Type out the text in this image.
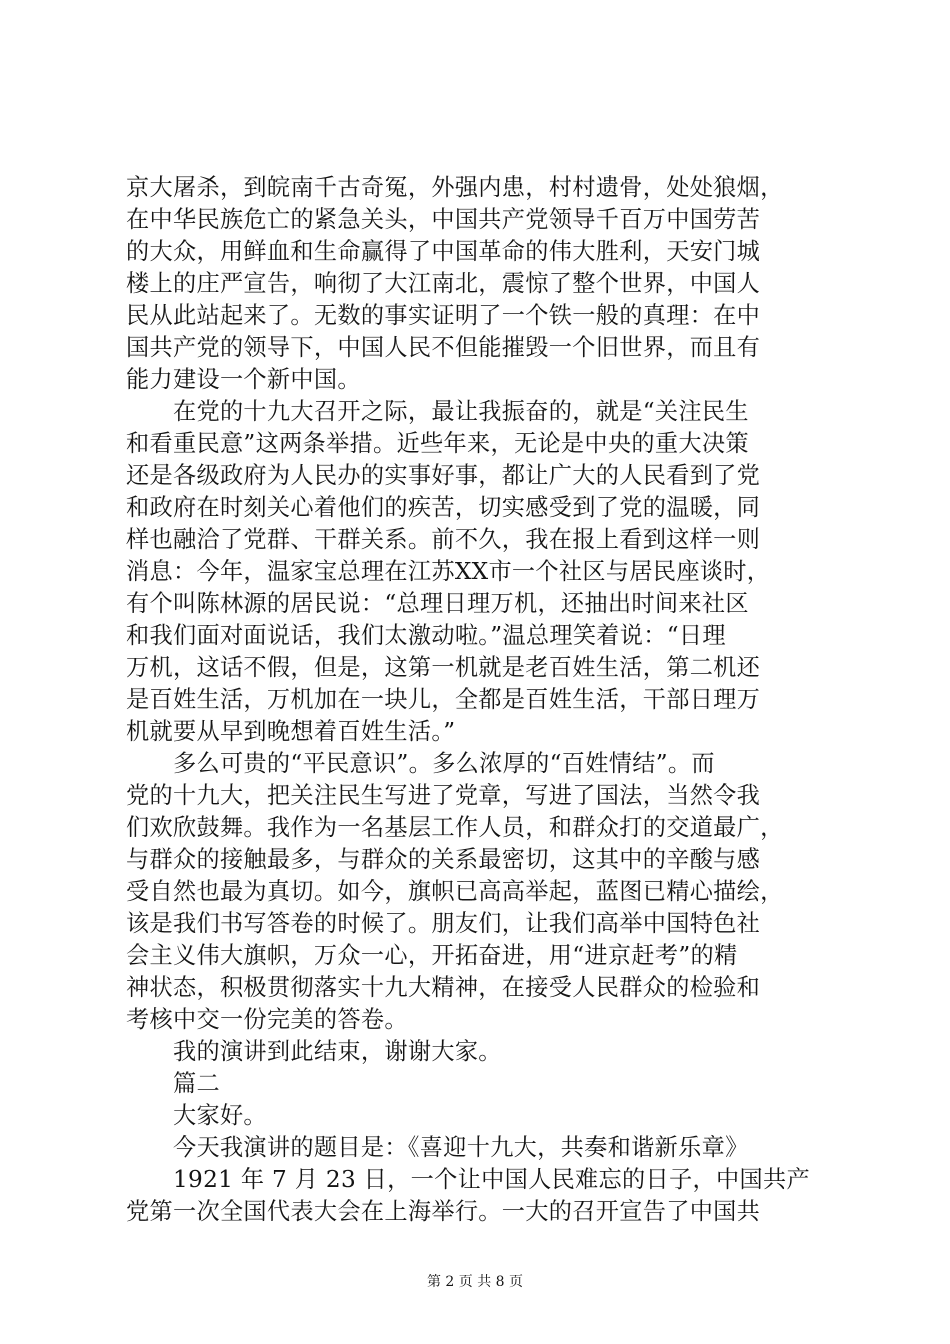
京大屠杀，到皖南千古奇冤，外强内患，村村遗骨，处处狼烟，
在中华民族危亡的紧急关头，中国共产党领导千百万中国劳苦
的大众，用鲜血和生命赢得了中国革命的伟大胜利，天安门城
楼上的庄严宣告，响彻了大江南北，震惊了整个世界，中国人
民从此站起来了。无数的事实证明了一个铁一般的真理：在中
国共产党的领导下，中国人民不但能摧毁一个旧世界，而且有
能力建设一个新中国。
　　在党的十九大召开之际，最让我振奋的，就是“关注民生
和看重民意”这两条举措。近些年来，无论是中央的重大决策
还是各级政府为人民办的实事好事，都让广大的人民看到了党
和政府在时刻关心着他们的疾苦，切实感受到了党的温暖，同
样也融洽了党群、干群关系。前不久，我在报上看到这样一则
消息：今年，温家宝总理在江苏XX市一个社区与居民座谈时，
有个叫陈林源的居民说：“总理日理万机，还抽出时间来社区
和我们面对面说话，我们太激动啦。”温总理笑着说：“日理
万机，这话不假，但是，这第一机就是老百姓生活，第二机还
是百姓生活，万机加在一块儿，全都是百姓生活，干部日理万
机就要从早到晚想着百姓生活。”
　　多么可贵的“平民意识”。多么浓厚的“百姓情结”。而
党的十九大，把关注民生写进了党章，写进了国法，当然令我
们欢欣鼓舞。我作为一名基层工作人员，和群众打的交道最广，
与群众的接触最多，与群众的关系最密切，这其中的辛酸与感
受自然也最为真切。如今，旗帜已高高举起，蓝图已精心描绘，
该是我们书写答卷的时候了。朋友们，让我们高举中国特色社
会主义伟大旗帜，万众一心，开拓奋进，用“进京赶考”的精
神状态，积极贯彻落实十九大精神，在接受人民群众的检验和
考核中交一份完美的答卷。
　　我的演讲到此结束，谢谢大家。
　　篇二
　　大家好。
　　今天我演讲的题目是：《喜迎十九大，共奏和谐新乐章》
　　1921 年 7 月 23 日，一个让中国人民难忘的日子，中国共产
党第一次全国代表大会在上海举行。一大的召开宣告了中国共
第 2 页 共 8 页
